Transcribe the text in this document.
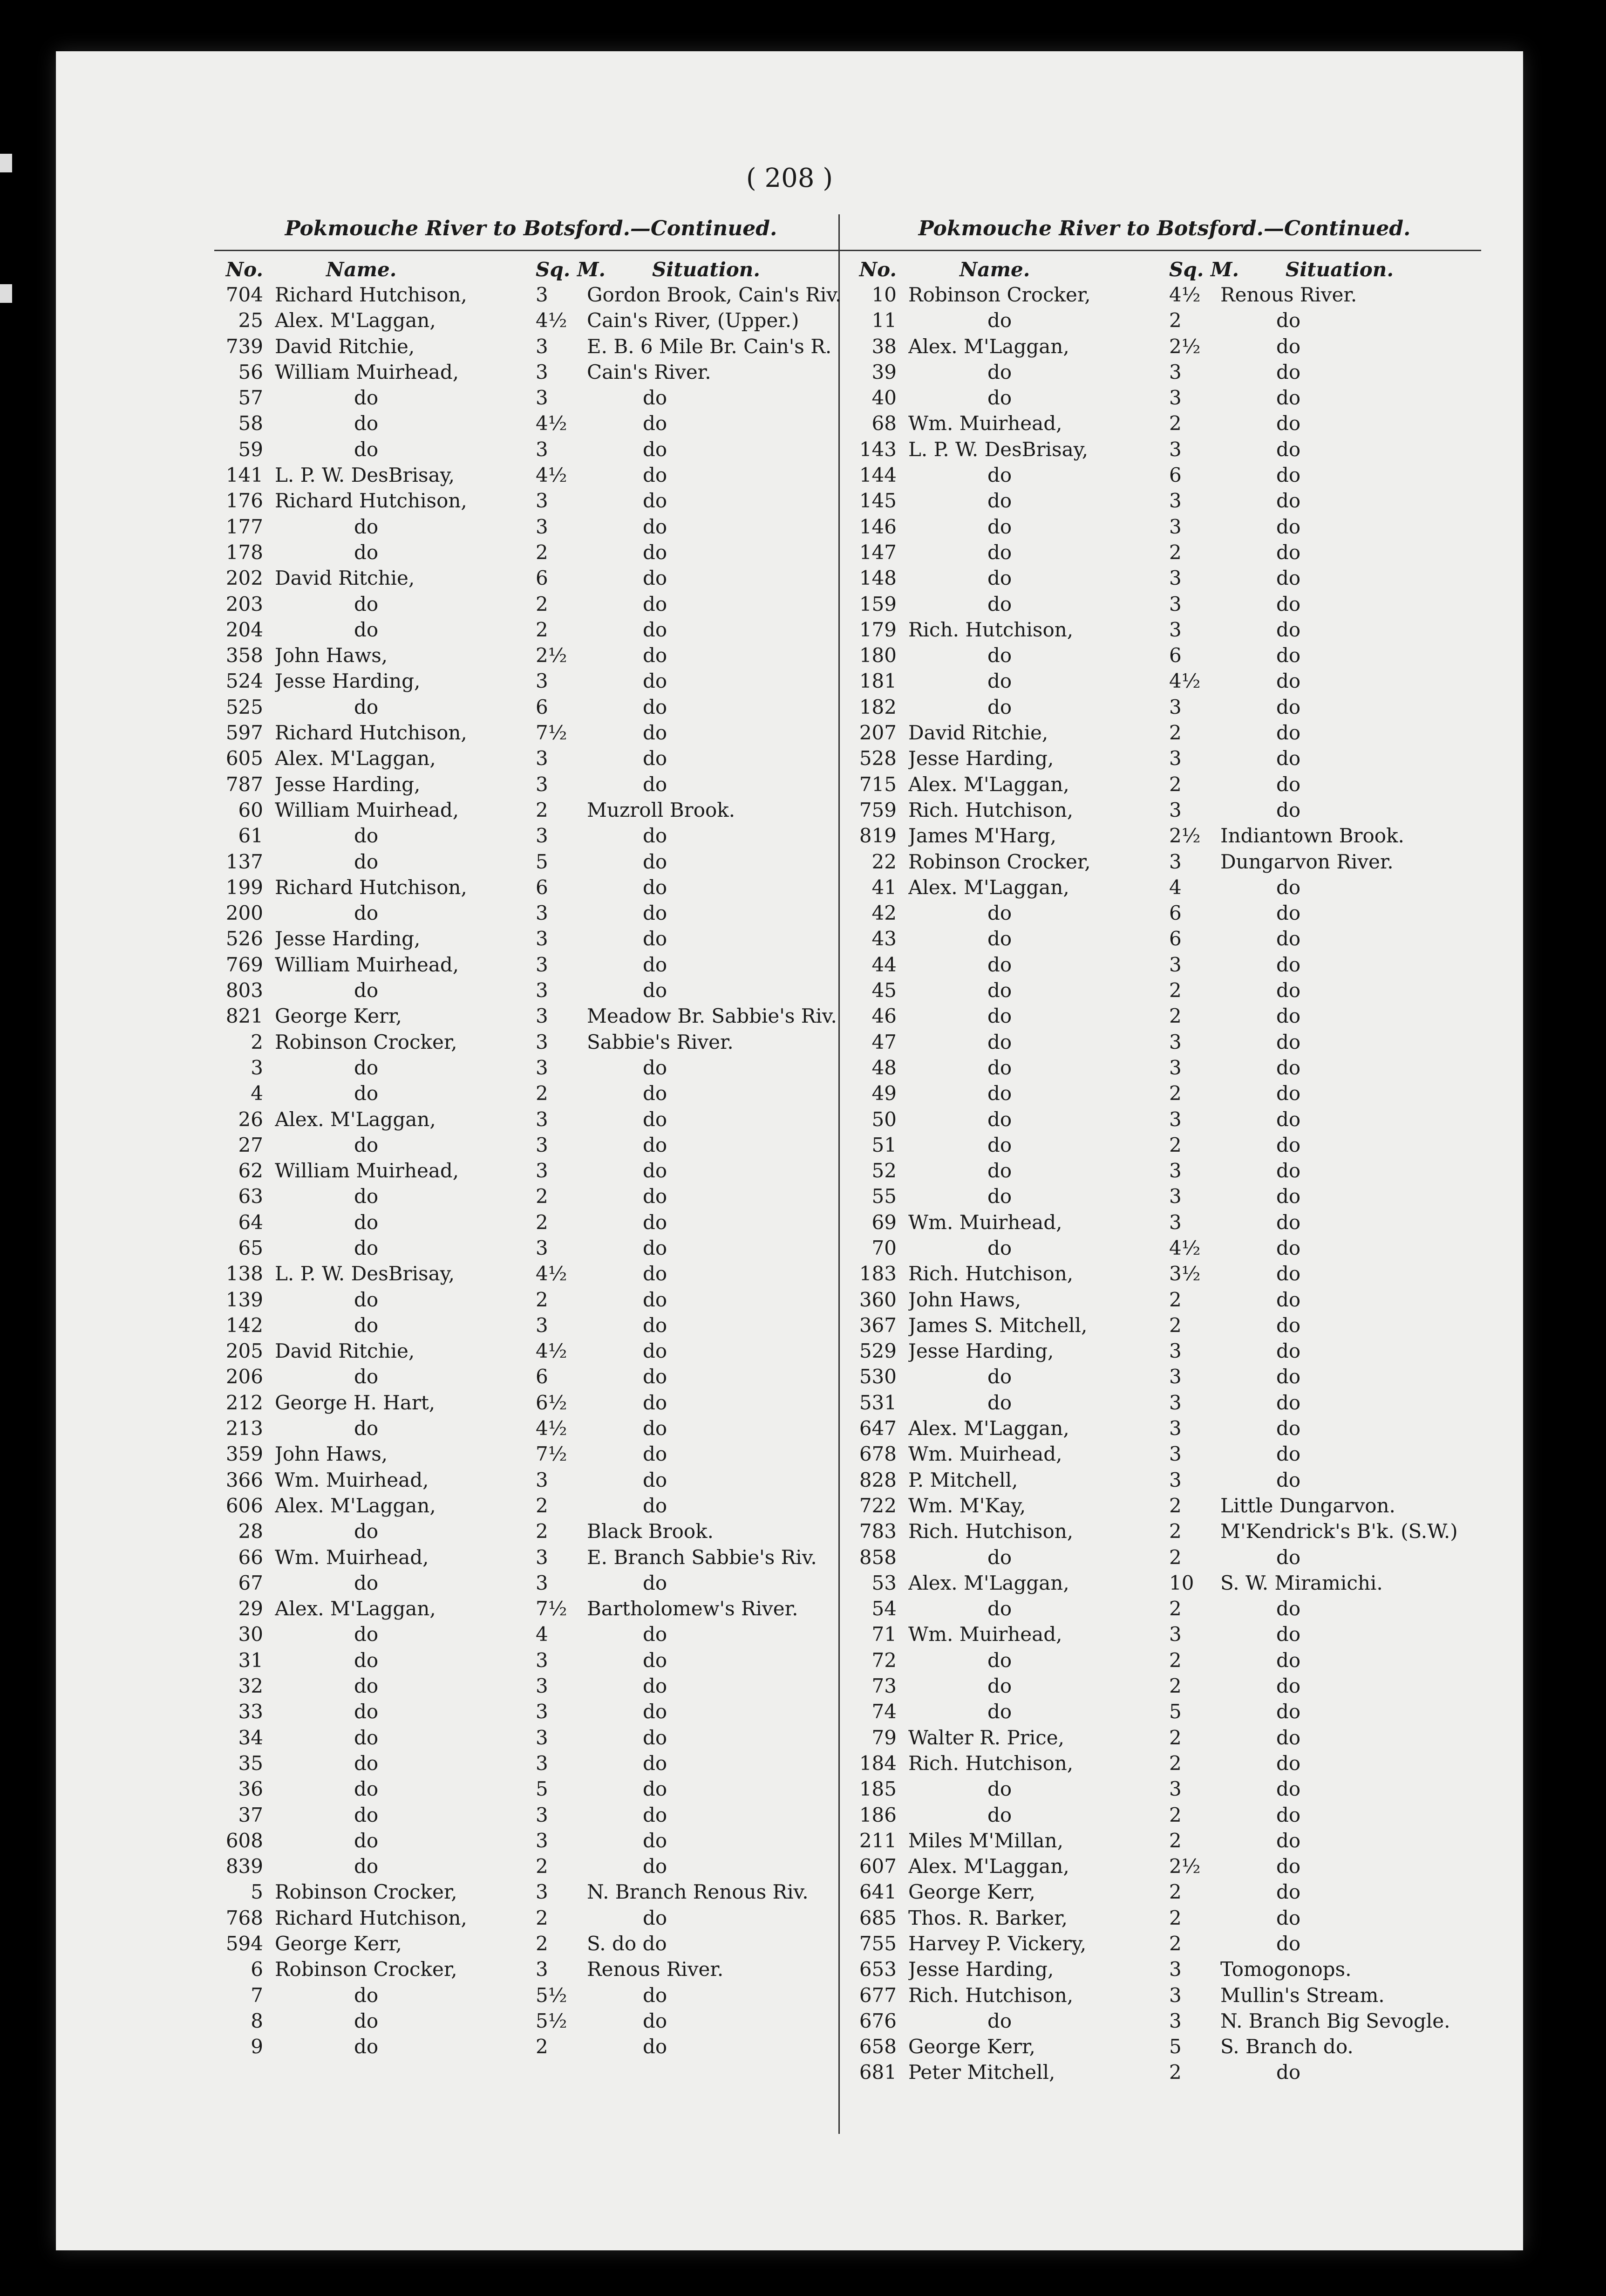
( 208 )
Pokmouche River to Botsford.—Continued.
No.	Name.	Sq. M.	Situation.
704 Richard Hutchison,	3	Gordon Brook, Cain's Riv.
25 Alex. M'Laggan,	4½	Cain's River, (Upper.)
739 David Ritchie,	3	E. B. 6 Mile Br. Cain's R.
56 William Muirhead,	3	Cain's River.
57	do	3	do
58	do	4½	do
59	do	3	do
141 L. P. W. DesBrisay,	4½	do
176 Richard Hutchison,	3	do
177	do	3	do
178	do	2	do
202 David Ritchie,	6	do
203	do	2	do
204	do	2	do
358 John Haws,	2½	do
524 Jesse Harding,	3	do
525	do	6	do
597 Richard Hutchison,	7½	do
605 Alex. M'Laggan,	3	do
787 Jesse Harding,	3	do
60 William Muirhead,	2	Muzroll Brook.
61	do	3	do
137	do	5	do
199 Richard Hutchison,	6	do
200	do	3	do
526 Jesse Harding,	3	do
769 William Muirhead,	3	do
803	do	3	do
821 George Kerr,	3	Meadow Br. Sabbie's Riv.
2 Robinson Crocker,	3	Sabbie's River.
3	do	3	do
4	do	2	do
26 Alex. M'Laggan,	3	do
27	do	3	do
62 William Muirhead,	3	do
63	do	2	do
64	do	2	do
65	do	3	do
138 L. P. W. DesBrisay,	4½	do
139	do	2	do
142	do	3	do
205 David Ritchie,	4½	do
206	do	6	do
212 George H. Hart,	6½	do
213	do	4½	do
359 John Haws,	7½	do
366 Wm. Muirhead,	3	do
606 Alex. M'Laggan,	2	do
28	do	2	Black Brook.
66 Wm. Muirhead,	3	E. Branch Sabbie's Riv.
67	do	3	do
29 Alex. M'Laggan,	7½	Bartholomew's River.
30	do	4	do
31	do	3	do
32	do	3	do
33	do	3	do
34	do	3	do
35	do	3	do
36	do	5	do
37	do	3	do
608	do	3	do
839	do	2	do
5 Robinson Crocker,	3	N. Branch Renous Riv.
768 Richard Hutchison,	2	do
594 George Kerr,	2	S. do do
6 Robinson Crocker,	3	Renous River.
7	do	5½	do
8	do	5½	do
9	do	2	do
Pokmouche River to Botsford.—Continued.
No.	Name.	Sq. M.	Situation.
10 Robinson Crocker,	4½	Renous River.
11	do	2	do
38 Alex. M'Laggan,	2½	do
39	do	3	do
40	do	3	do
68 Wm. Muirhead,	2	do
143 L. P. W. DesBrisay,	3	do
144	do	6	do
145	do	3	do
146	do	3	do
147	do	2	do
148	do	3	do
159	do	3	do
179 Rich. Hutchison,	3	do
180	do	6	do
181	do	4½	do
182	do	3	do
207 David Ritchie,	2	do
528 Jesse Harding,	3	do
715 Alex. M'Laggan,	2	do
759 Rich. Hutchison,	3	do
819 James M'Harg,	2½	Indiantown Brook.
22 Robinson Crocker,	3	Dungarvon River.
41 Alex. M'Laggan,	4	do
42	do	6	do
43	do	6	do
44	do	3	do
45	do	2	do
46	do	2	do
47	do	3	do
48	do	3	do
49	do	2	do
50	do	3	do
51	do	2	do
52	do	3	do
55	do	3	do
69 Wm. Muirhead,	3	do
70	do	4½	do
183 Rich. Hutchison,	3½	do
360 John Haws,	2	do
367 James S. Mitchell,	2	do
529 Jesse Harding,	3	do
530	do	3	do
531	do	3	do
647 Alex. M'Laggan,	3	do
678 Wm. Muirhead,	3	do
828 P. Mitchell,	3	do
722 Wm. M'Kay,	2	Little Dungarvon.
783 Rich. Hutchison,	2	M'Kendrick's B'k. (S.W.)
858	do	2	do
53 Alex. M'Laggan,	10	S. W. Miramichi.
54	do	2	do
71 Wm. Muirhead,	3	do
72	do	2	do
73	do	2	do
74	do	5	do
79 Walter R. Price,	2	do
184 Rich. Hutchison,	2	do
185	do	3	do
186	do	2	do
211 Miles M'Millan,	2	do
607 Alex. M'Laggan,	2½	do
641 George Kerr,	2	do
685 Thos. R. Barker,	2	do
755 Harvey P. Vickery,	2	do
653 Jesse Harding,	3	Tomogonops.
677 Rich. Hutchison,	3	Mullin's Stream.
676	do	3	N. Branch Big Sevogle.
658 George Kerr,	5	S. Branch do.
681 Peter Mitchell,	2	do
